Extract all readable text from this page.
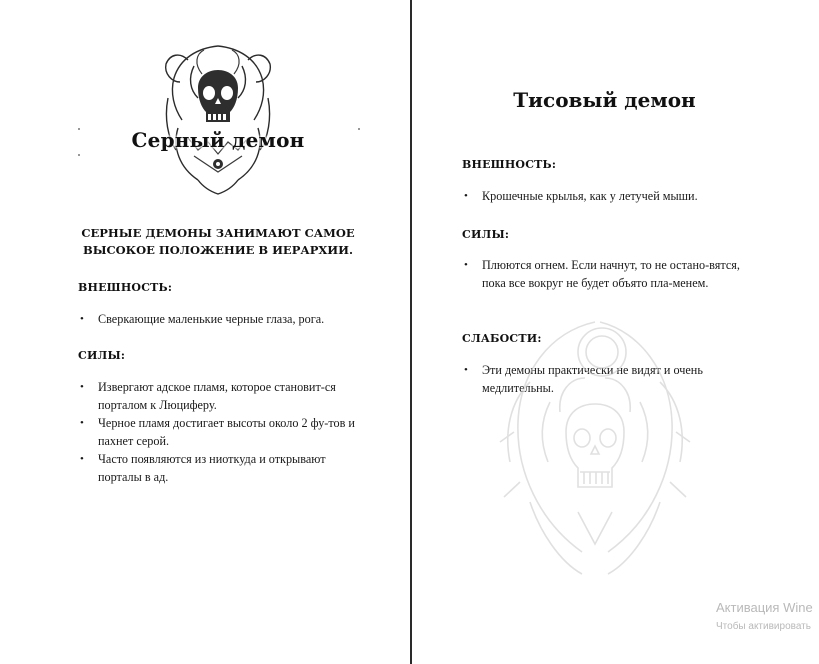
Серный демон
СЕРНЫЕ ДЕМОНЫ ЗАНИМАЮТ САМОЕ ВЫСОКОЕ ПОЛОЖЕНИЕ В ИЕРАРХИИ.
ВНЕШНОСТЬ:
• Сверкающие маленькие черные глаза, рога.
СИЛЫ:
• Извергают адское пламя, которое становит-ся порталом к Люциферу.
• Черное пламя достигает высоты около 2 фу-тов и пахнет серой.
• Часто появляются из ниоткуда и открывают порталы в ад.
Тисовый демон
ВНЕШНОСТЬ:
• Крошечные крылья, как у летучей мыши.
СИЛЫ:
• Плюются огнем. Если начнут, то не остано-вятся, пока все вокруг не будет объято пла-менем.
СЛАБОСТИ:
• Эти демоны практически не видят и очень медлительны.
Активация Wine
Чтобы активировать
